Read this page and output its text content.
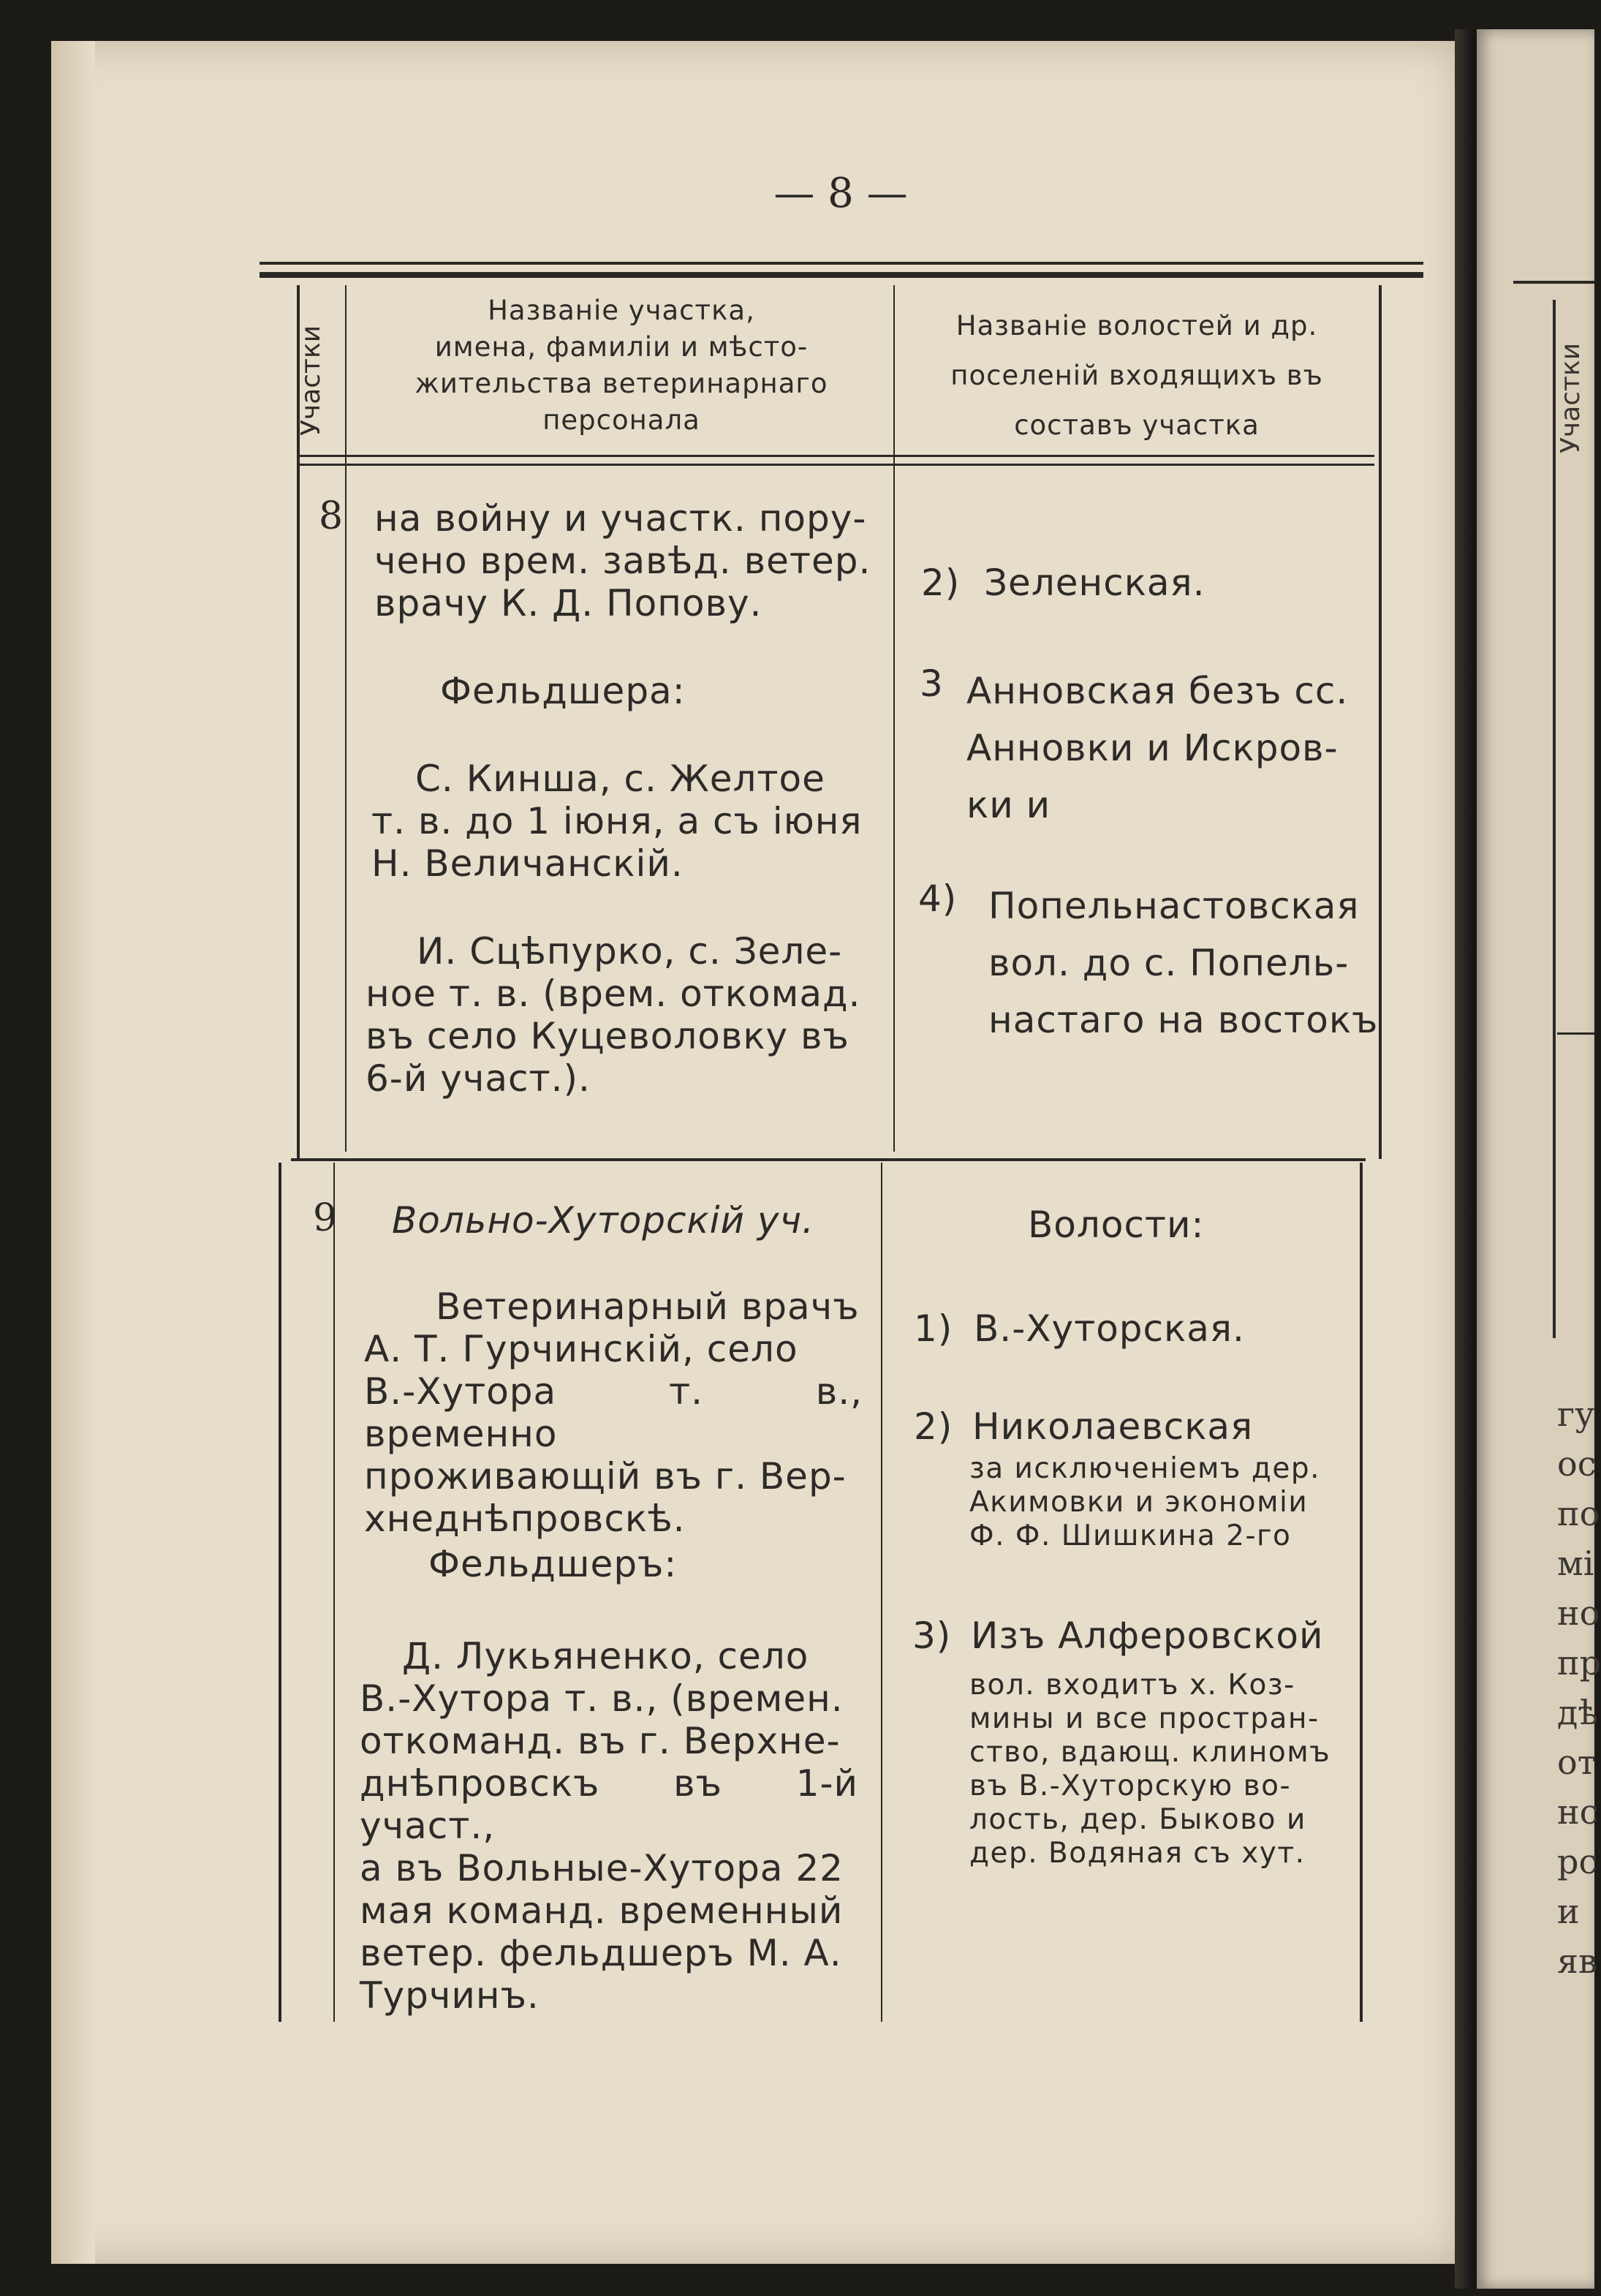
Участки
гу
ос
по
мі
но
пр
дѣ
от
нс
рс
и
яв
— 8 —
Участки
Названіе участка,
имена, фамиліи и мѣсто-
жительства ветеринарнаго
персонала
Названіе волостей и др.
поселеній входящихъ въ
составъ участка
8 на войну и участк. пору-
чено врем. завѣд. ветер.
врачу К. Д. Попову.
Фельдшера:
С. Кинша, с. Желтое
т. в. до 1 іюня, а съ іюня
Н. Величанскій.
И. Сцѣпурко, с. Зеле-
ное т. в. (врем. откомад.
въ село Куцеволовку въ
6-й участ.).
2) Зеленская.
3 Анновская безъ сс.
Анновки и Искров-
ки и
4) Попельнастовская
вол. до с. Попель-
настаго на востокъ
9 Вольно-Хуторскій уч.
Ветеринарный врачъ
А. Т. Гурчинскій, село
В.-Хутора т. в., временно
проживающій въ г. Вер-
хнеднѣпровскѣ.
Фельдшеръ:
Д. Лукьяненко, село
В.-Хутора т. в., (времен.
откоманд. въ г. Верхне-
днѣпровскъ въ 1-й участ.,
а въ Вольные-Хутора 22
мая команд. временный
ветер. фельдшеръ М. А.
Турчинъ.
Волости:
1) В.-Хуторская.
2) Николаевская
за исключеніемъ дер.
Акимовки и экономіи
Ф. Ф. Шишкина 2-го
3) Изъ Алферовской
вол. входитъ х. Коз-
мины и все простран-
ство, вдающ. клиномъ
въ В.-Хуторскую во-
лость, дер. Быково и
дер. Водяная съ хут.
